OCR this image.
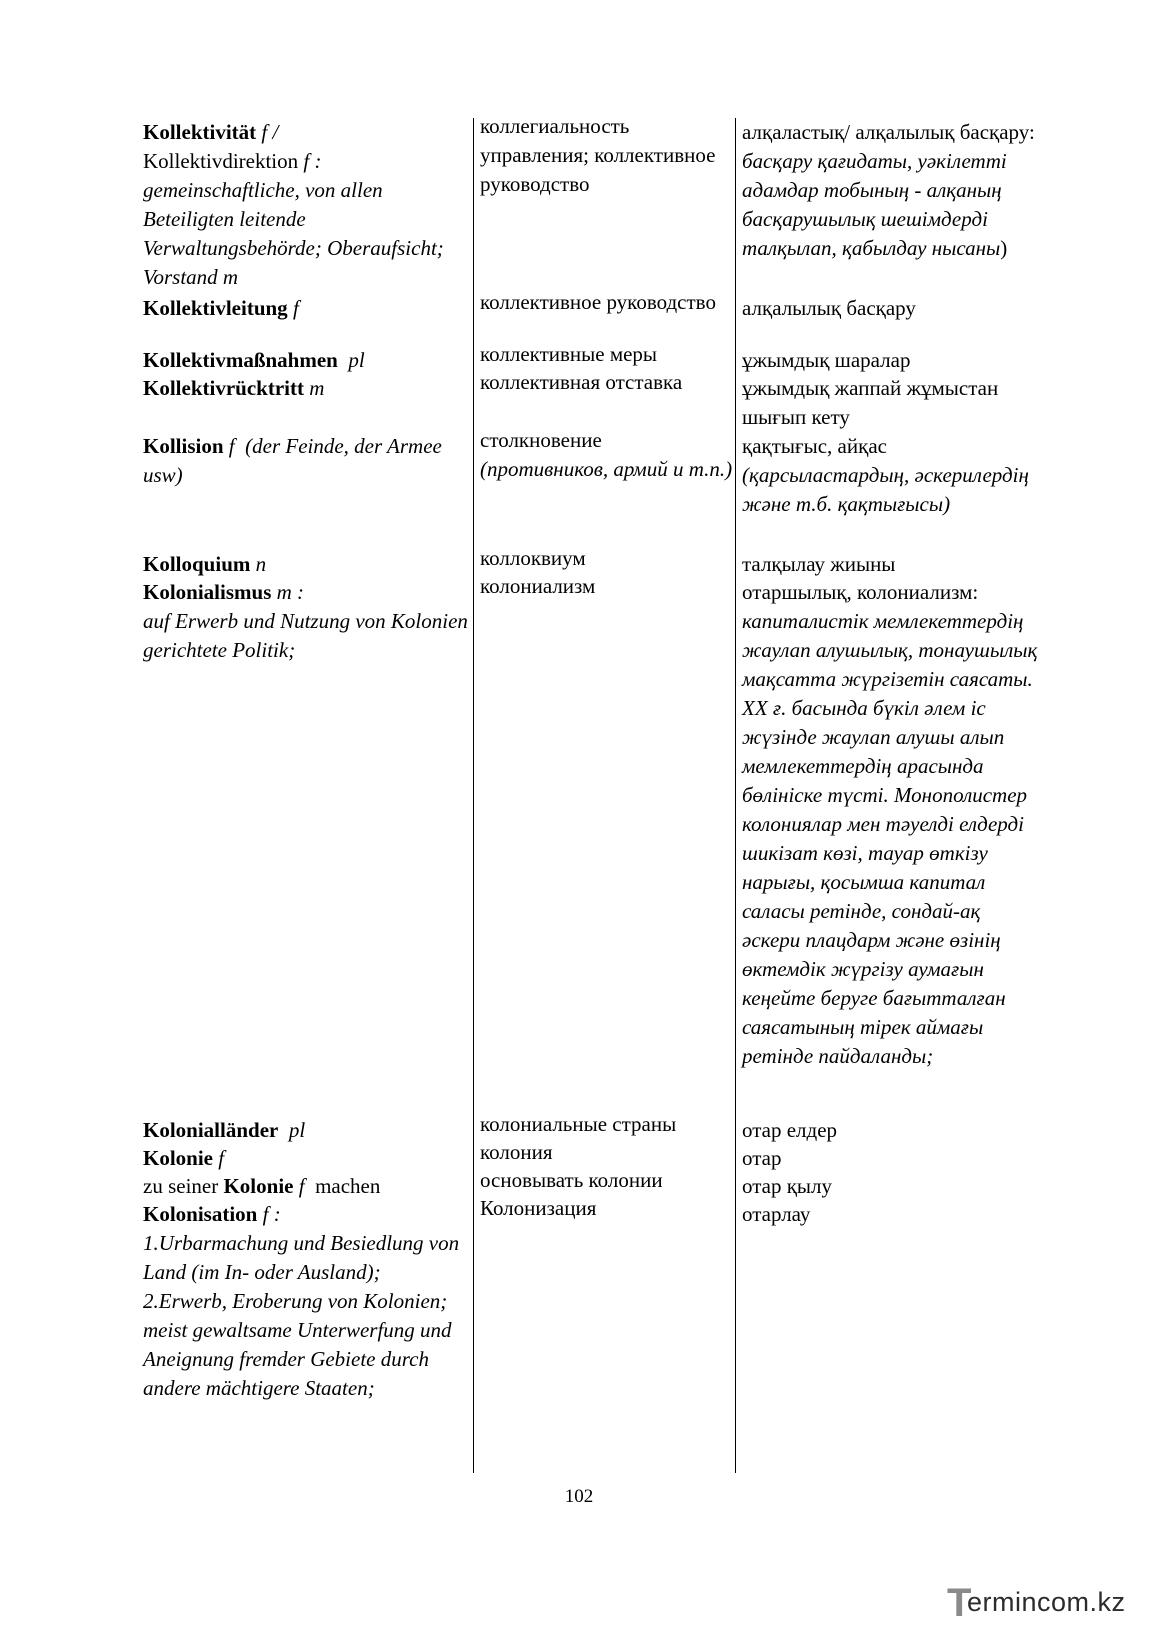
Kollektivität f /
Kollektivdirektion f :
gemeinschaftliche, von allen Beteiligten leitende Verwaltungsbehörde; Oberaufsicht; Vorstand m
Kollektivleitung f
Kollektivmaßnahmen pl
Kollektivrücktritt m
Kollision f (der Feinde, der Armee usw)
Kolloquium n
Kolonialismus m :
auf Erwerb und Nutzung von Kolonien gerichtete Politik;
Kolonialländer pl
Kolonie f
zu seiner Kolonie f machen
Kolonisation f :
1.Urbarmachung und Besiedlung von Land (im In- oder Ausland); 2.Erwerb, Eroberung von Kolonien; meist gewaltsame Unterwerfung und Aneignung fremder Gebiete durch andere mächtigere Staaten;
коллегиальность управления; коллективное руководство
коллективное руководство
коллективные меры
коллективная отставка
столкновение
(противников, армий и т.п.)
коллоквиум
колониализм
колониальные страны
колония
основывать колонии
Колонизация
алқаластық/ алқалылық басқару:
басқару қағидаты, уәкілетті адамдар тобының - алқаның басқарушылық шешімдерді талқылап, қабылдау нысаны)
алқалылық басқару
ұжымдық шаралар
ұжымдық жаппай жұмыстан шығып кету
қақтығыс, айқас
(қарсыластардың, әскерилердің және т.б. қақтығысы)
талқылау жиыны
отаршылық, колониализм:
капиталистік мемлекеттердің жаулап алушылық, тонаушылық мақсатта жүргізетін саясаты. XX ғ. басында бүкіл әлем іс жүзінде жаулап алушы алып мемлекеттердің арасында бөлініске түсті. Монополистер колониялар мен тәуелді елдерді шикізат көзі, тауар өткізу нарығы, қосымша капитал саласы ретінде, сондай-ақ әскери плацдарм және өзінің өктемдік жүргізу аумағын кеңейте беруге бағытталған саясатының тірек аймағы ретінде пайдаланды;
отар елдер
отар
отар қылу
отарлау
102
T
ermincom.kz
